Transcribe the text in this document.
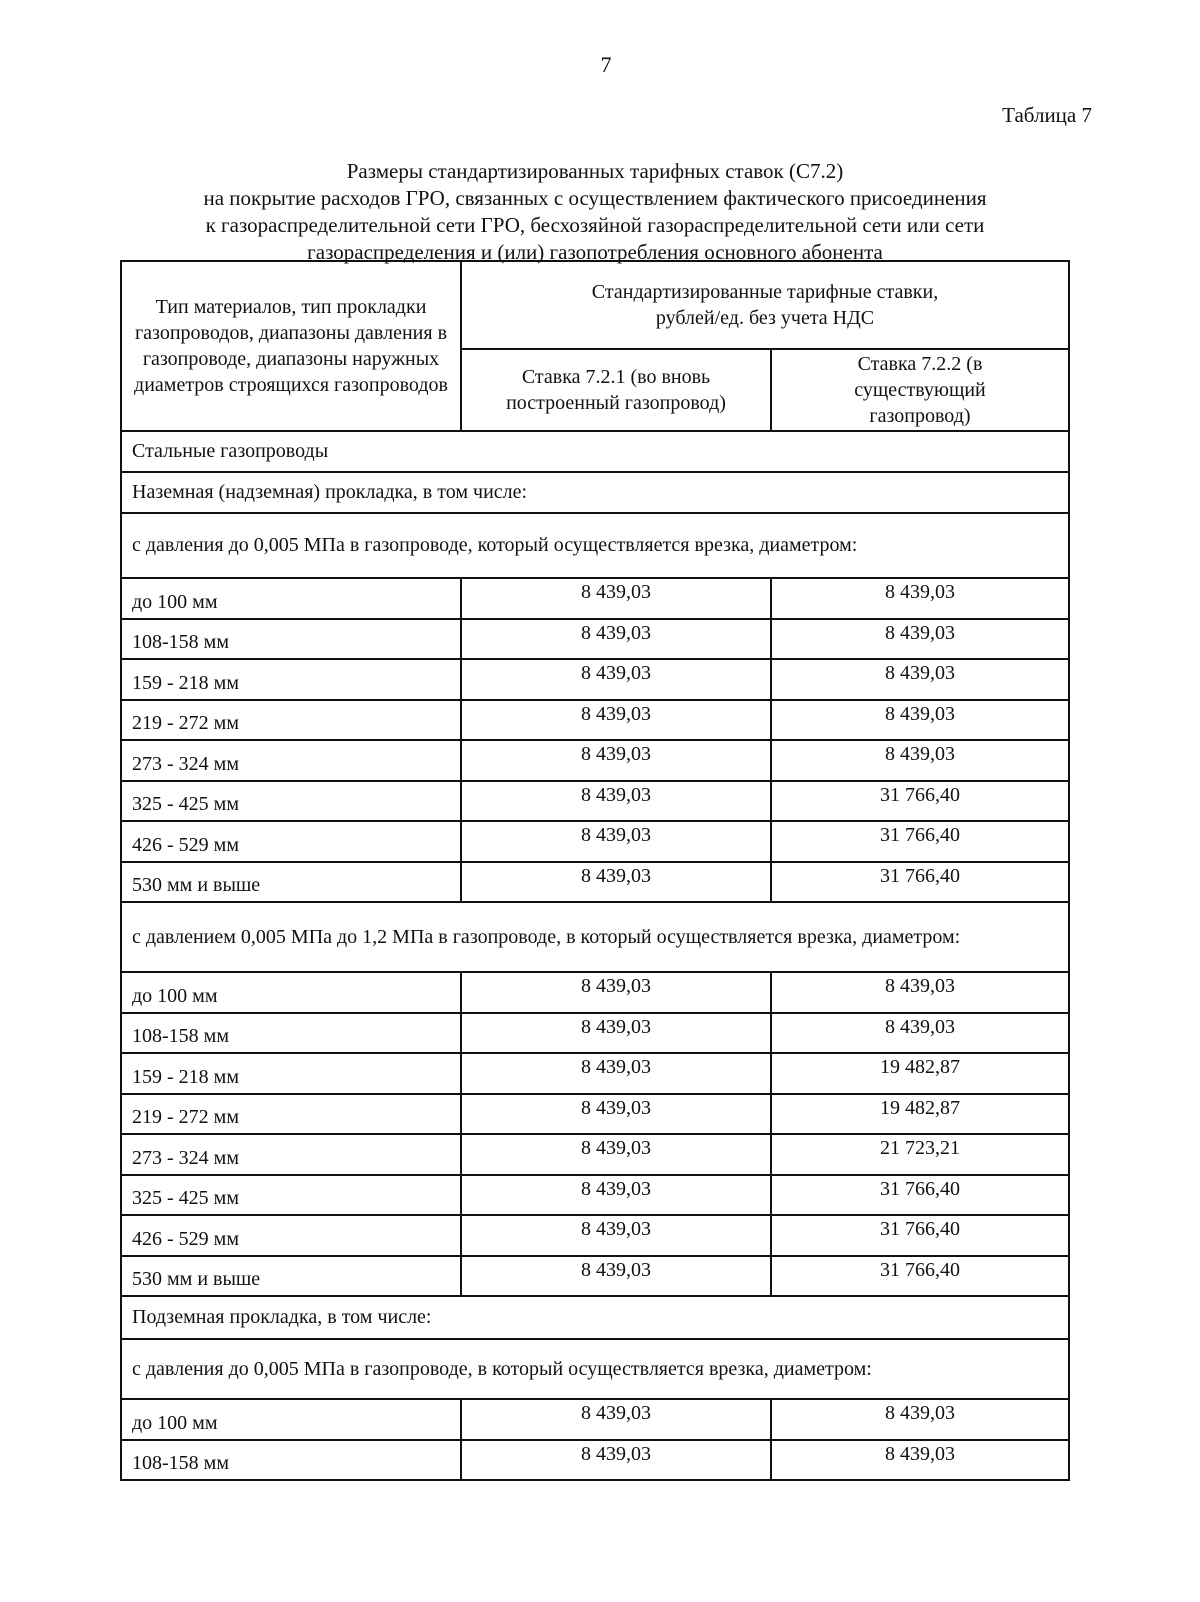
7
Таблица 7
Размеры стандартизированных тарифных ставок (С7.2)
на покрытие расходов ГРО, связанных с осуществлением фактического присоединения
к газораспределительной сети ГРО, бесхозяйной газораспределительной сети или сети
газораспределения и (или) газопотребления основного абонента
Тип материалов, тип прокладки газопроводов, диапазоны давления в газопроводе, диапазоны наружных диаметров строящихся газопроводов	Стандартизированные тарифные ставки, рублей/ед. без учета НДС	

	Ставка 7.2.1 (во вновь построенный газопровод)	Ставка 7.2.2 (в существующий газопровод)

Стальные газопроводы		
Наземная (надземная) прокладка, в том числе:		
с давления до 0,005 МПа в газопроводе, который осуществляется врезка, диаметром:		
до 100 мм	8 439,03	8 439,03
108-158 мм	8 439,03	8 439,03
159 - 218 мм	8 439,03	8 439,03
219 - 272 мм	8 439,03	8 439,03
273 - 324 мм	8 439,03	8 439,03
325 - 425 мм	8 439,03	31 766,40
426 - 529 мм	8 439,03	31 766,40
530 мм и выше	8 439,03	31 766,40
с давлением 0,005 МПа до 1,2 МПа в газопроводе, в который осуществляется врезка, диаметром:		
до 100 мм	8 439,03	8 439,03
108-158 мм	8 439,03	8 439,03
159 - 218 мм	8 439,03	19 482,87
219 - 272 мм	8 439,03	19 482,87
273 - 324 мм	8 439,03	21 723,21
325 - 425 мм	8 439,03	31 766,40
426 - 529 мм	8 439,03	31 766,40
530 мм и выше	8 439,03	31 766,40
Подземная прокладка, в том числе:		
с давления до 0,005 МПа в газопроводе, в который осуществляется врезка, диаметром:		
до 100 мм	8 439,03	8 439,03
108-158 мм	8 439,03	8 439,03
